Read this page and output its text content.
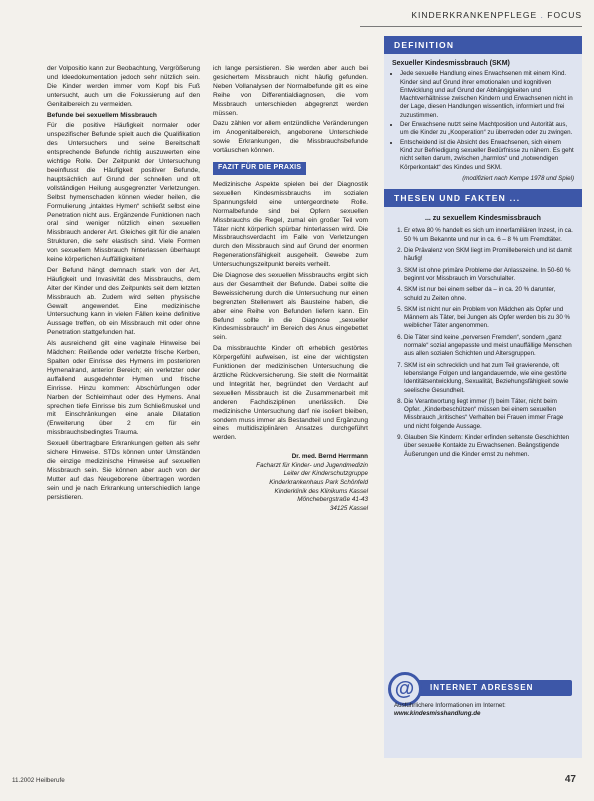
KINDERKRANKENPFLEGE . FOCUS

der Volpositio kann zur Beobachtung, Vergrößerung und Ideedokumentation jedoch sehr nützlich sein. Die Kinder werden immer vom Kopf bis Fuß untersucht, auch um die Fokussierung auf den Genitalbereich zu vermeiden.

Befunde bei sexuellem Missbrauch

Für die positive Häufigkeit normaler oder unspezifischer Befunde spielt auch die Qualifikation des Untersuchers und seine Bereitschaft entsprechende Befunde richtig auszuwerten eine wichtige Rolle. Der Zeitpunkt der Untersuchung beeinflusst die Häufigkeit positiver Befunde, hauptsächlich auf Grund der schnellen und oft vollständigen Heilung ausgegrenzter Verletzungen. Selbst hymenschaden können wieder heilen, die Formulierung „intaktes Hymen“ schließt selbst eine Penetration nicht aus. Ergänzende Funktionen nach oral sind weniger nützlich einen sexuellen Missbrauch anderer Art. Gleiches gilt für die analen Strukturen, die sehr elastisch sind. Viele Formen von sexuellem Missbrauch hinterlassen überhaupt keine körperlichen Auffälligkeiten!

Der Befund hängt demnach stark von der Art, Häufigkeit und Invasivität des Missbrauchs, dem Alter der Kinder und des Zeitpunkts seit dem letzten Missbrauch ab. Zudem wird selten physische Gewalt angewendet. Eine medizinische Untersuchung kann in vielen Fällen keine definitive Aussage treffen, ob ein Missbrauch mit oder ohne Penetration stattgefunden hat.

Als ausreichend gilt eine vaginale Hinweise bei Mädchen: Reißende oder verletzte frische Kerben, Spalten oder Einrisse des Hymens im posterioren Hymenalrand, anterior Bereich; ein verletzter oder auffallend ausgedehnter Hymen und frische Einrisse. Hinzu kommen: Abschürfungen oder Narben der Schleimhaut oder des Hymens. Anal sprechen tiefe Einrisse bis zum Schließmuskel und mit Einschränkungen eine anale Dilatation (Erweiterung über 2 cm für ein missbrauchsbedingtes Trauma.

Sexuell übertragbare Erkrankungen gelten als sehr sichere Hinweise. STDs können unter Umständen die einzige medizinische Hinweise auf sexuellen Missbrauch sein. Sie können aber auch von der Mutter auf das Neugeborene übertragen worden sein und je nach Erkrankung unterschiedlich lange persistieren.

ich lange persistieren. Sie werden aber auch bei gesichertem Missbrauch nicht häufig gefunden. Neben Vollanalysen der Normalbefunde gilt es eine Reihe von Differentialdiagnosen, die vom Missbrauch unterschieden abgegrenzt werden müssen.

Dazu zählen vor allem entzündliche Veränderungen im Anogenitalbereich, angeborene Unterschiede sowie Erkrankungen, die Missbrauchsbefunde vortäuschen können.

FAZIT FÜR DIE PRAXIS

Medizinische Aspekte spielen bei der Diagnostik sexuellen Kindesmissbrauchs im sozialen Spannungsfeld eine untergeordnete Rolle. Normalbefunde sind bei Opfern sexuellen Missbrauchs die Regel, zumal ein großer Teil vom Täter nicht körperlich spürbar hinterlassen wird. Die Missbrauchsverdacht im Falle von Verletzungen durch den Missbrauch sind auf Grund der enormen Regenerationsfähigkeit ausgeheilt. Gewebe zum Untersuchungszeitpunkt bereits verheilt.

Die Diagnose des sexuellen Missbrauchs ergibt sich aus der Gesamtheit der Befunde. Dabei sollte die Beweissicherung durch die Untersuchung nur einen begrenzten Stellenwert als Bausteine haben, die aber eine Reihe von Befunden liefern kann. Ein Befund sollte in die Diagnose „sexueller Kindesmissbrauch“ im Bereich des Anus eingebettet sein.

Da missbrauchte Kinder oft erheblich gestörtes Körpergefühl aufweisen, ist eine der wichtigsten Funktionen der medizinischen Untersuchung die ärztliche Rückversicherung. Sie stellt die Normalität und Integrität her, begründet den Verdacht auf sexuellen Missbrauch ist die Zusammenarbeit mit anderen Fachdisziplinen unerlässlich. Die medizinische Untersuchung darf nie isoliert bleiben, sondern muss immer als Bestandteil und Ergänzung eines multidisziplinären Ansatzes durchgeführt werden.

Dr. med. Bernd Herrmann
Facharzt für Kinder- und Jugendmedizin
Leiter der Kinderschutzgruppe
Kinderkrankenhaus Park Schönfeld
Kinderklinik des Klinikums Kassel
Mönchebergstraße 41-43
34125 Kassel
DEFINITION
Sexueller Kindesmissbrauch (SKM)
• Jede sexuelle Handlung eines Erwachsenen mit einem Kind. Kinder sind auf Grund ihrer emotionalen und kognitiven Entwicklung und auf Grund der Abhängigkeiten und Machtverhältnisse zwischen Kindern und Erwachsenen nicht in der Lage, diesen Handlungen wissentlich, informiert und frei zuzustimmen.
• Der Erwachsene nutzt seine Machtposition und Autorität aus, um die Kinder zu „Kooperation“ zu überreden oder zu zwingen.
• Entscheidend ist die Absicht des Erwachsenen, sich einem Kind zur Befriedigung sexueller Bedürfnisse zu nähern. Es geht nicht selten darum, zwischen „harmlos“ und „notwendigen Körperkontakt“ des Kindes und SKM.
(modifiziert nach Kempe 1978 und Spiel)
THESEN UND FAKTEN ...
... zu sexuellem Kindesmissbrauch
1. Er etwa 80 % handelt es sich um innerfamiliären Inzest, in ca. 50 % um Bekannte und nur in ca. 6 – 8 % um Fremdtäter.
2. Die Prävalenz von SKM liegt im Promillebereich und ist damit häufig!
3. SKM ist ohne primäre Probleme der Anlasszeine. In 50-60 % beginnt vor Missbrauch im Vorschulalter.
4. SKM ist nur bei einem selber da – in ca. 20 % darunter, schuld zu Zeiten ohne.
5. SKM ist nicht nur ein Problem von Mädchen als Opfer und Männern als Täter, bei Jungen als Opfer werden bis zu 30 % weiblicher Täter angenommen.
6. Die Täter sind keine „perversen Fremden“, sondern „ganz normale“ sozial angepasste und meist unauffällige Menschen aus allen sozialen Schichten und Altersgruppen.
7. SKM ist ein schrecklich und hat zum Teil gravierende, oft lebenslange Folgen und langandauernde, wie eine gestörte Identitätsentwicklung, Sexualität, Beziehungsfähigkeit sowie seelische Gesundheit.
8. Die Verantwortung liegt immer (!) beim Täter, nicht beim Opfer. „Kinderbeschützen“ müssen bei einem sexuellen Missbrauch „kritisches“ Verhalten bei Frauen immer Frage und nicht folgende Aussage.
9. Glauben Sie Kindern: Kinder erfinden seltenste Geschichten über sexuelle Kontakte zu Erwachsenen. Beängstigende Äußerungen und die Kinder ernst zu nehmen.
@	INTERNET ADRESSEN
Ausführlichere Informationen im Internet:
www.kindesmisshandlung.de
11.2002 Heilberufe	47
